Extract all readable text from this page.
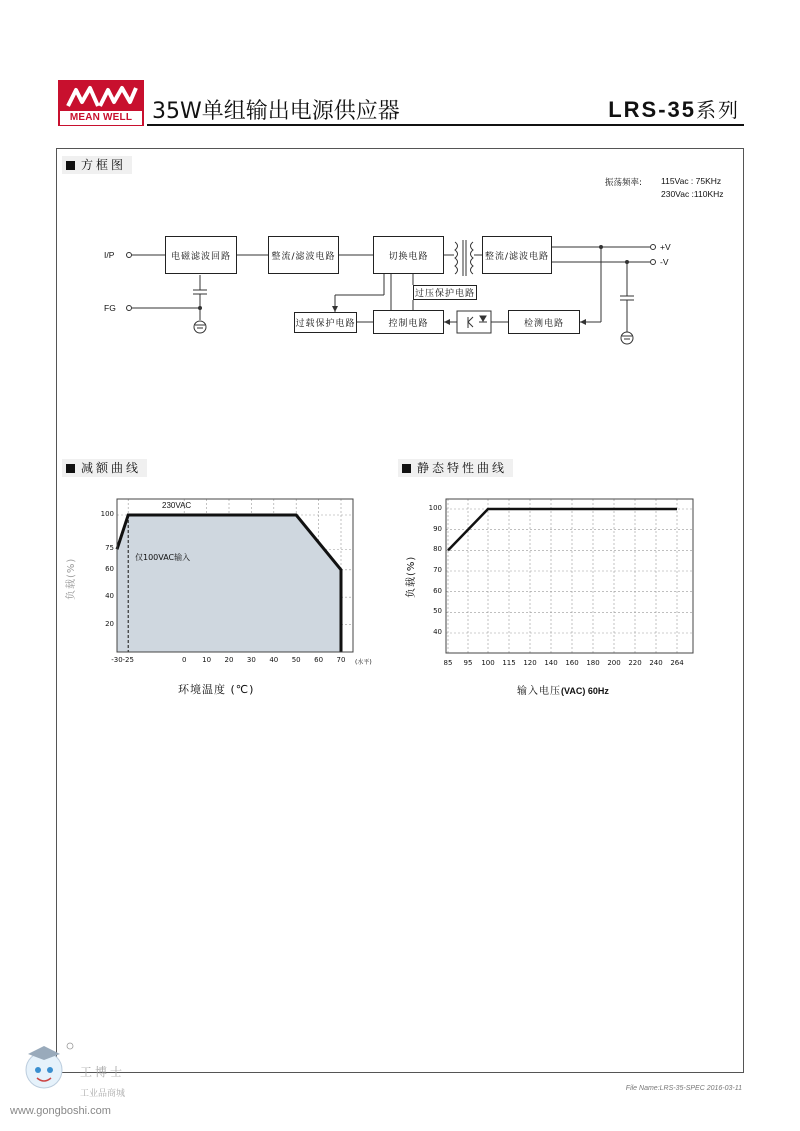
MEAN WELL 35W单组输出电源供应器	LRS-35系列
方框图
振荡频率: 115Vac : 75KHz
230Vac :110KHz
I/P
FG
+V
-V
电磁滤波回路	整流/滤波电路	切换电路	整流/滤波电路
过压保护电路
过载保护电路	控制电路	检测电路
减额曲线
-30 -25	0 10 20 30 40 50 60 70
100
75
60
40
20
230VAC
仅100VAC输入
(水平)
负载(%)
环境温度 (℃)
静态特性曲线
85 95 100 115 120 140 160 180 200 220 240 264
100
90
80
70
60
50
40
负载(%)
输入电压(VAC) 60Hz
File Name:LRS-35-SPEC 2016-03-11
工博士
工业品商城
www.gongboshi.com
